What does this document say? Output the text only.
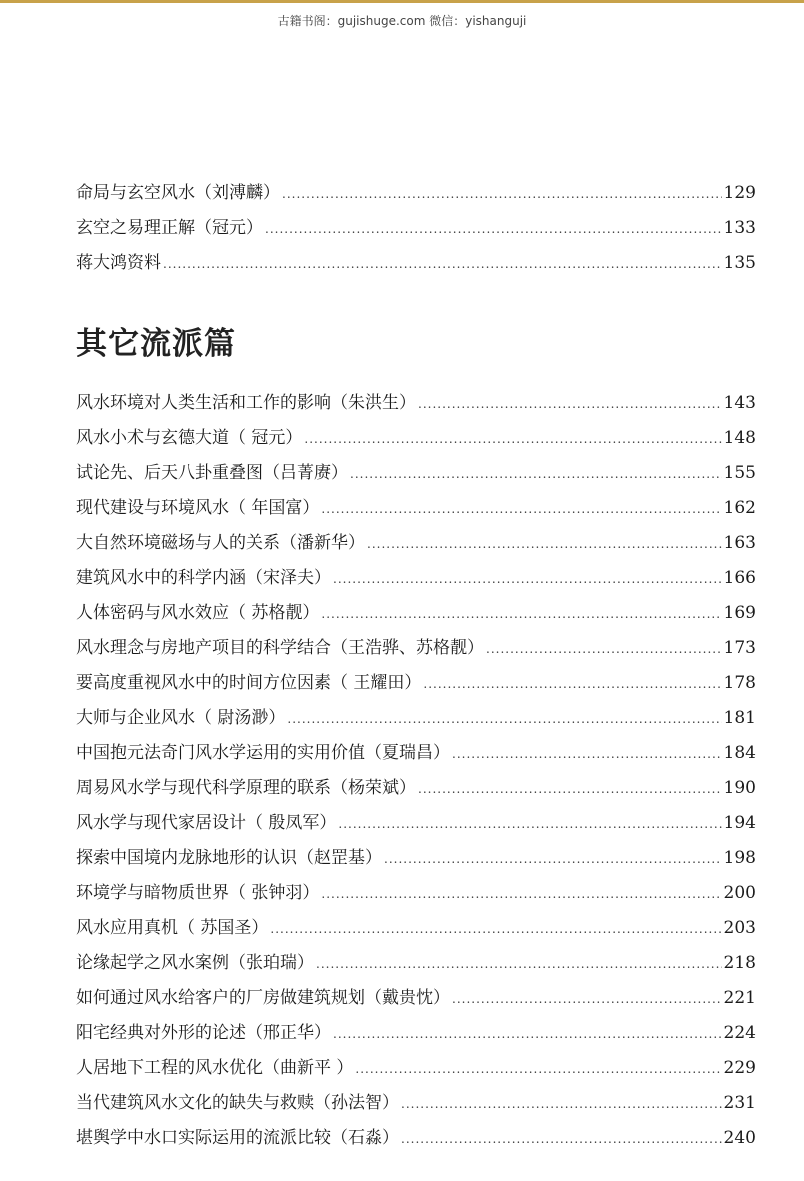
古籍书阁：gujishuge.com 微信：yishanguji
命局与玄空风水（刘溥麟） .....	129
玄空之易理正解（冠元） .....	133
蒋大鸿资料 .....	135
其它流派篇
风水环境对人类生活和工作的影响（朱洪生） .....	143
风水小术与玄德大道（ 冠元） .....	148
试论先、后天八卦重叠图（吕菁赓） .....	155
现代建设与环境风水（ 年国富） .....	162
大自然环境磁场与人的关系（潘新华） .....	163
建筑风水中的科学内涵（宋泽夫） .....	166
人体密码与风水效应（ 苏格靓） .....	169
风水理念与房地产项目的科学结合（王浩骅、苏格靓） .....	173
要高度重视风水中的时间方位因素（ 王耀田） .....	178
大师与企业风水（ 尉汤渺） .....	181
中国抱元法奇门风水学运用的实用价值（夏瑞昌） .....	184
周易风水学与现代科学原理的联系（杨荣斌） .....	190
风水学与现代家居设计（ 殷凤军） .....	194
探索中国境内龙脉地形的认识（赵罡基） .....	198
环境学与暗物质世界（ 张钟羽） .....	200
风水应用真机（ 苏国圣） .....	203
论缘起学之风水案例（张珀瑞） .....	218
如何通过风水给客户的厂房做建筑规划（戴贵忱） .....	221
阳宅经典对外形的论述（邢正华） .....	224
人居地下工程的风水优化（曲新平 ） .....	229
当代建筑风水文化的缺失与救赎（孙法智） .....	231
堪舆学中水口实际运用的流派比较（石淼） .....	240
